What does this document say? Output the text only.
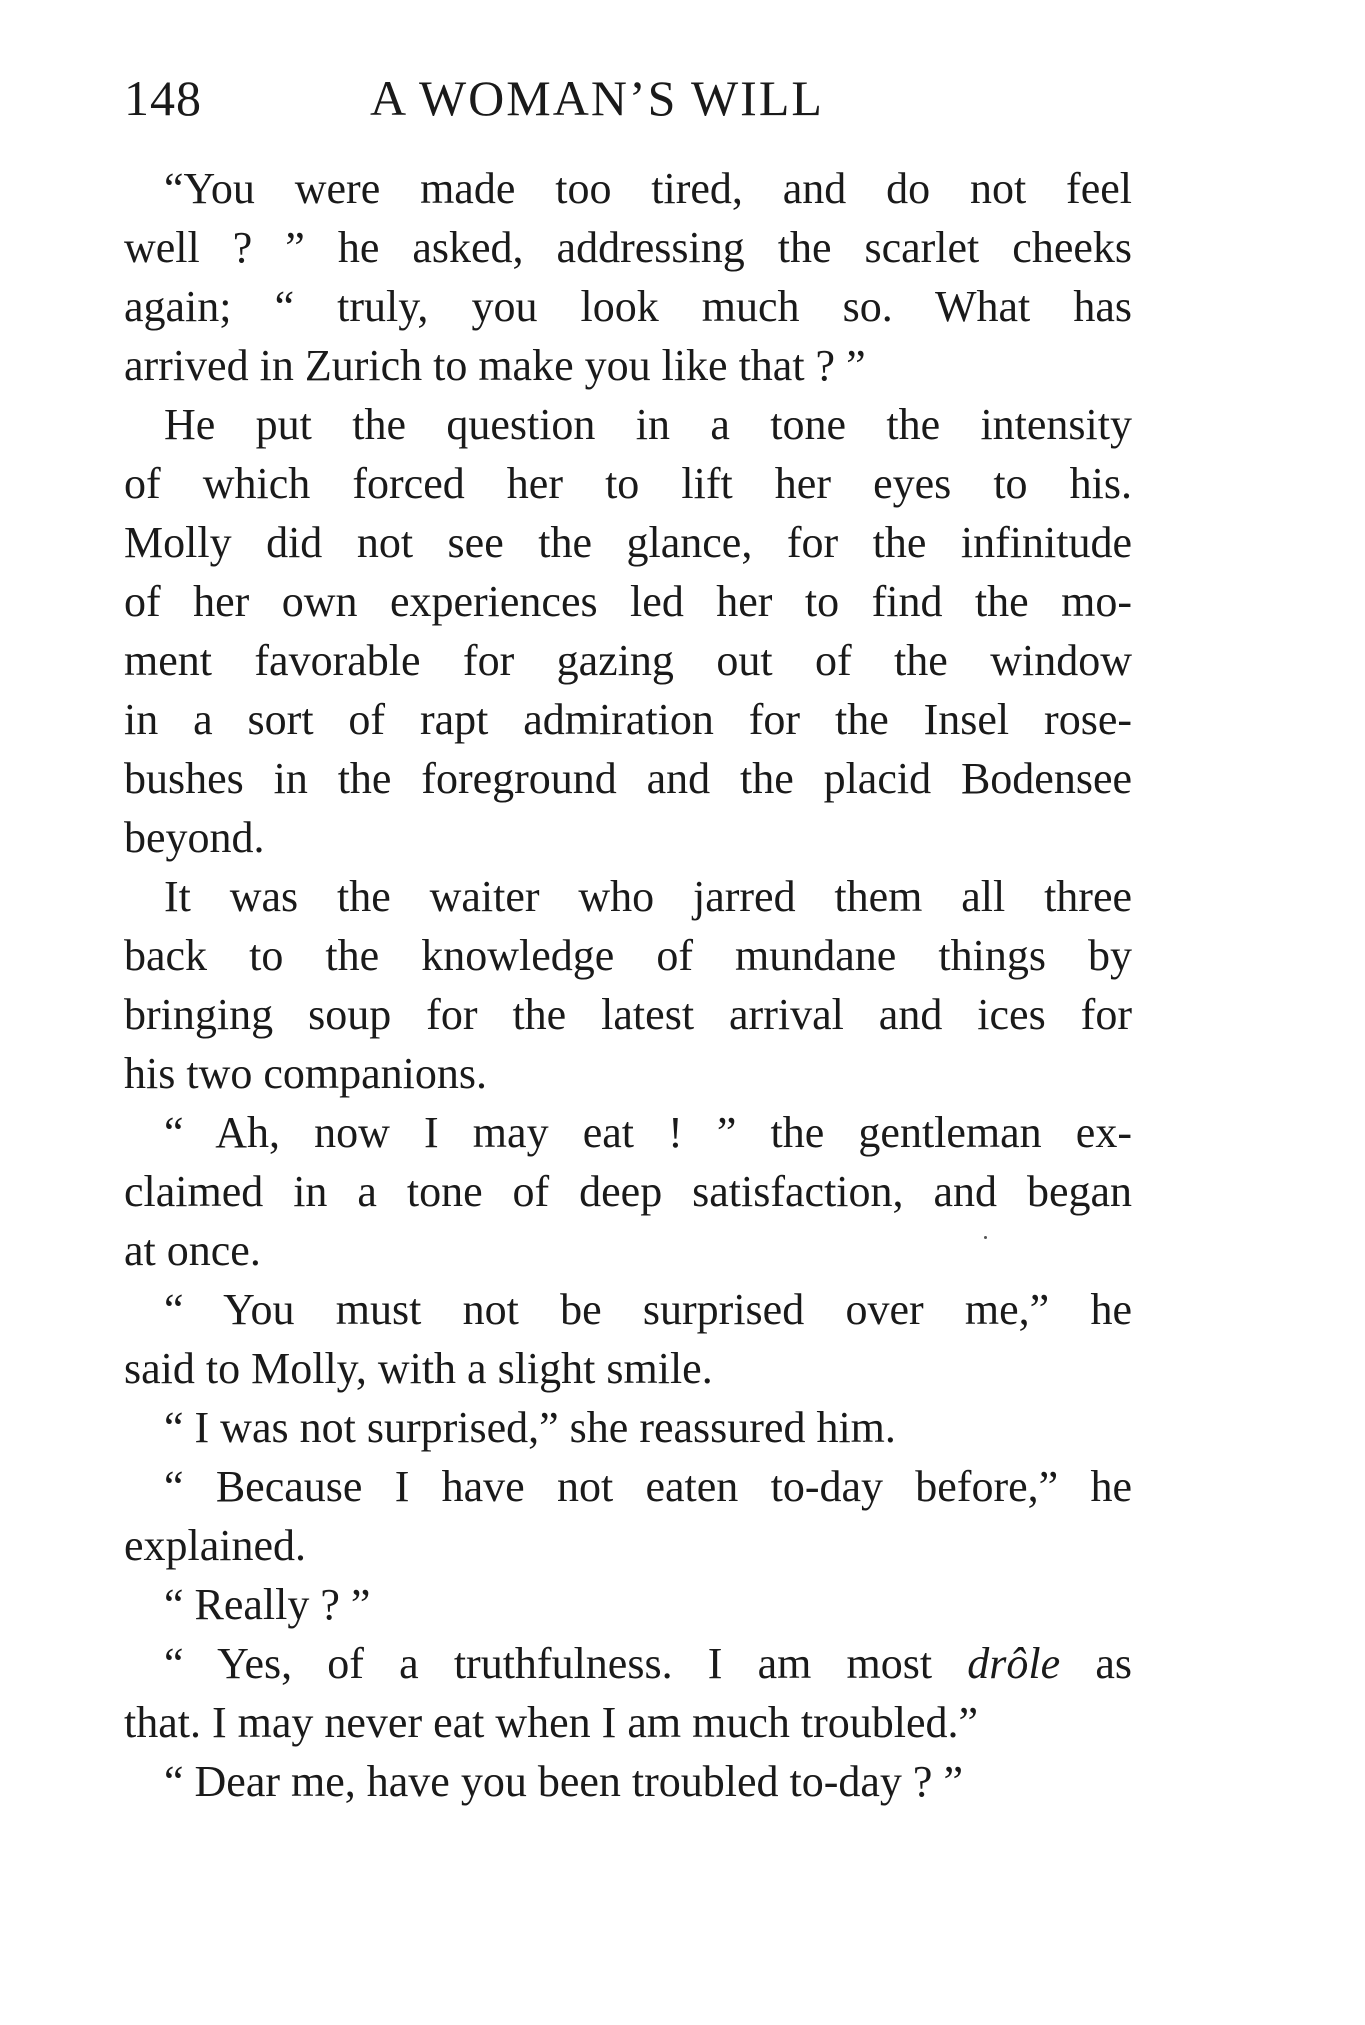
148	A WOMAN’S WILL
“You were made too tired, and do not feel
well ? ” he asked, addressing the scarlet cheeks
again; “ truly, you look much so. What has
arrived in Zurich to make you like that ? ”
He put the question in a tone the intensity
of which forced her to lift her eyes to his.
Molly did not see the glance, for the infinitude
of her own experiences led her to find the mo-
ment favorable for gazing out of the window
in a sort of rapt admiration for the Insel rose-
bushes in the foreground and the placid Bodensee
beyond.
It was the waiter who jarred them all three
back to the knowledge of mundane things by
bringing soup for the latest arrival and ices for
his two companions.
“ Ah, now I may eat ! ” the gentleman ex-
claimed in a tone of deep satisfaction, and began
at once.
“ You must not be surprised over me,” he
said to Molly, with a slight smile.
“ I was not surprised,” she reassured him.
“ Because I have not eaten to-day before,” he
explained.
“ Really ? ”
“ Yes, of a truthfulness. I am most drôle as
that. I may never eat when I am much troubled.”
“ Dear me, have you been troubled to-day ? ”
